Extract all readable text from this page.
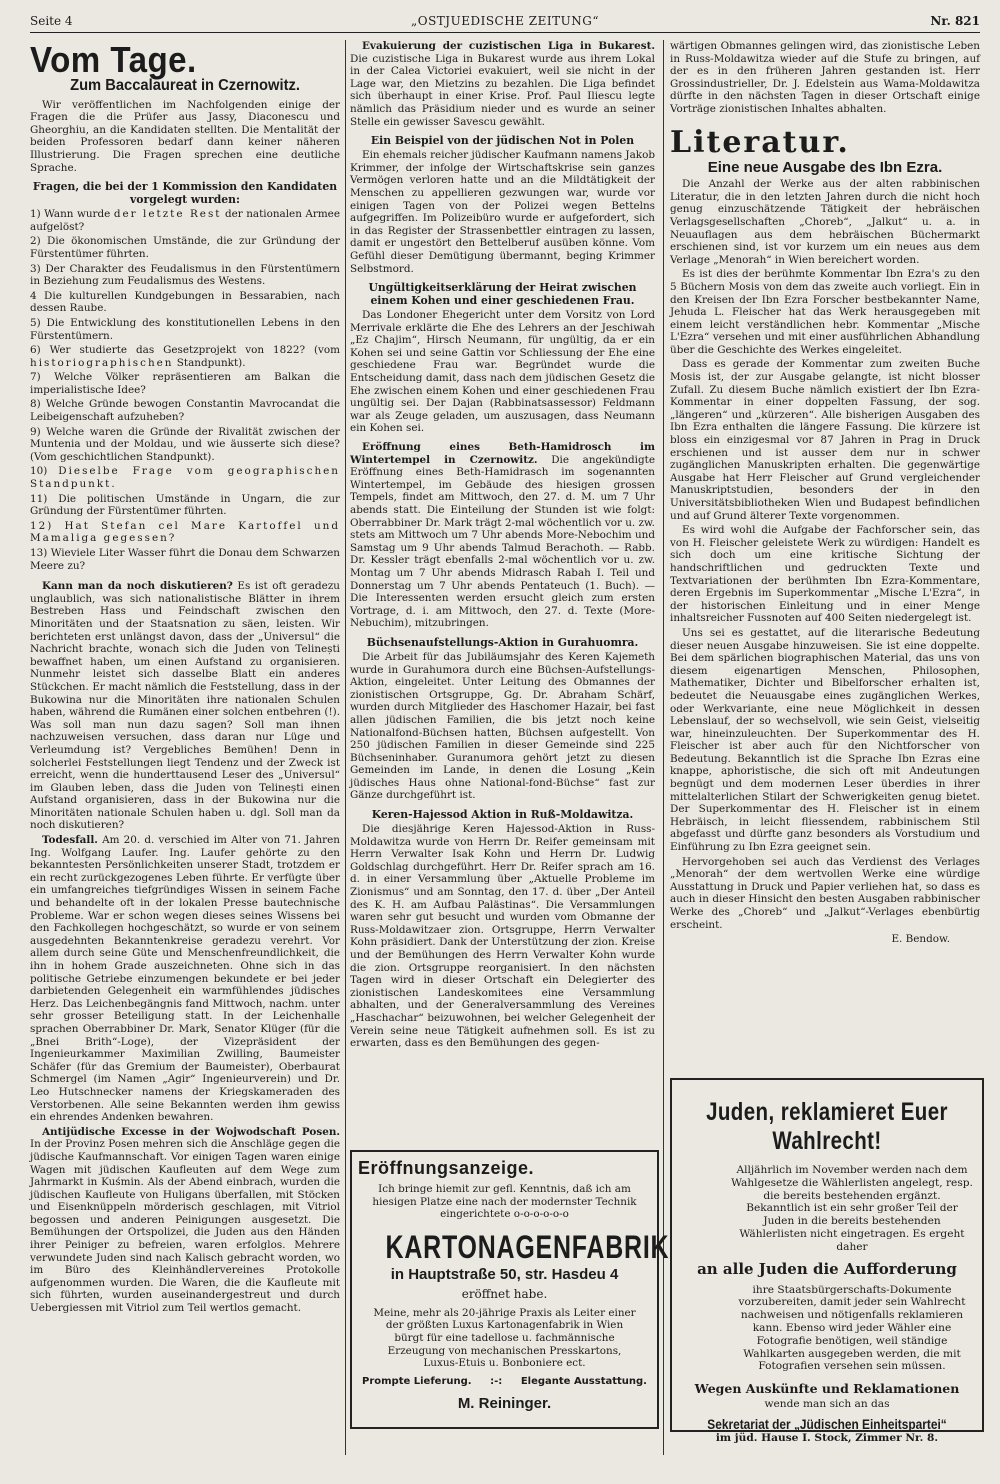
Seite 4	„OSTJUEDISCHE ZEITUNG“	Nr. 821
Vom Tage.
Zum Baccalaureat in Czernowitz.

Wir veröffentlichen im Nachfolgenden einige der Fragen die die Prüfer aus Jassy, Diaconescu und Gheorghiu, an die Kandidaten stellten. Die Mentalität der beiden Professoren bedarf dann keiner näheren Illustrierung. Die Fragen sprechen eine deutliche Sprache.

Fragen, die bei der 1 Kommission den Kandidaten vorgelegt wurden:

1) Wann wurde der letzte Rest der nationalen Armee aufgelöst?

2) Die ökonomischen Umstände, die zur Gründung der Fürstentümer führten.

3) Der Charakter des Feudalismus in den Fürstentümern in Beziehung zum Feudalismus des Westens.

4 Die kulturellen Kundgebungen in Bessarabien, nach dessen Raube.

5) Die Entwicklung des konstitutionellen Lebens in den Fürstentümern.

6) Wer studierte das Gesetzprojekt von 1822? (vom historiographischen Standpunkt).

7) Welche Völker repräsentieren am Balkan die imperialistische Idee?

8) Welche Gründe bewogen Constantin Mavrocandat die Leibeigenschaft aufzuheben?

9) Welche waren die Gründe der Rivalität zwischen der Muntenia und der Moldau, und wie äusserte sich diese? (Vom geschichtlichen Standpunkt).

10) Dieselbe Frage vom geographischen Standpunkt.

11) Die politischen Umstände in Ungarn, die zur Gründung der Fürstentümer führten.

12) Hat Stefan cel Mare Kartoffel und Mamaliga gegessen?

13) Wieviele Liter Wasser führt die Donau dem Schwarzen Meere zu?

Kann man da noch diskutieren? Es ist oft geradezu unglaublich, was sich nationalistische Blätter in ihrem Bestreben Hass und Feindschaft zwischen den Minoritäten und der Staatsnation zu säen, leisten. Wir berichteten erst unlängst davon, dass der „Universul“ die Nachricht brachte, wonach sich die Juden von Telinești bewaffnet haben, um einen Aufstand zu organisieren. Nunmehr leistet sich dasselbe Blatt ein anderes Stückchen. Er macht nämlich die Feststellung, dass in der Bukowina nur die Minoritäten ihre nationalen Schulen haben, während die Rumänen einer solchen entbehren (!). Was soll man nun dazu sagen? Soll man ihnen nachzuweisen versuchen, dass daran nur Lüge und Verleumdung ist? Vergebliches Bemühen! Denn in solcherlei Feststellungen liegt Tendenz und der Zweck ist erreicht, wenn die hunderttausend Leser des „Universul“ im Glauben leben, dass die Juden von Telinești einen Aufstand organisieren, dass in der Bukowina nur die Minoritäten nationale Schulen haben u. dgl. Soll man da noch diskutieren?

Todesfall. Am 20. d. verschied im Alter von 71. Jahren Ing. Wolfgang Laufer. Ing. Laufer gehörte zu den bekanntesten Persönlichkeiten unserer Stadt, trotzdem er ein recht zurückgezogenes Leben führte. Er verfügte über ein umfangreiches tiefgründiges Wissen in seinem Fache und behandelte oft in der lokalen Presse bautechnische Probleme. War er schon wegen dieses seines Wissens bei den Fachkollegen hochgeschätzt, so wurde er von seinem ausgedehnten Bekanntenkreise geradezu verehrt. Vor allem durch seine Güte und Menschenfreundlichkeit, die ihn in hohem Grade auszeichneten. Ohne sich in das politische Getriebe einzumengen bekundete er bei jeder darbietenden Gelegenheit ein warmfühlendes jüdisches Herz. Das Leichenbegängnis fand Mittwoch, nachm. unter sehr grosser Beteiligung statt. In der Leichenhalle sprachen Oberrabbiner Dr. Mark, Senator Klüger (für die „Bnei Brith“-Loge), der Vizepräsident der Ingenieurkammer Maximilian Zwilling, Baumeister Schäfer (für das Gremium der Baumeister), Oberbaurat Schmergel (im Namen „Agir“ Ingenieurverein) und Dr. Leo Hutschnecker namens der Kriegskameraden des Verstorbenen. Alle seine Bekannten werden ihm gewiss ein ehrendes Andenken bewahren.

Antijüdische Excesse in der Wojwodschaft Posen. In der Provinz Posen mehren sich die Anschläge gegen die jüdische Kaufmannschaft. Vor einigen Tagen waren einige Wagen mit jüdischen Kaufleuten auf dem Wege zum Jahrmarkt in Kuśmin. Als der Abend einbrach, wurden die jüdischen Kaufleute von Huligans überfallen, mit Stöcken und Eisenknüppeln mörderisch geschlagen, mit Vitriol begossen und anderen Peinigungen ausgesetzt. Die Bemühungen der Ortspolizei, die Juden aus den Händen ihrer Peiniger zu befreien, waren erfolglos. Mehrere verwundete Juden sind nach Kalisch gebracht worden, wo im Büro des Kleinhändlervereines Protokolle aufgenommen wurden. Die Waren, die die Kaufleute mit sich führten, wurden auseinandergestreut und durch Uebergiessen mit Vitriol zum Teil wertlos gemacht.

Evakuierung der cuzistischen Liga in Bukarest. Die cuzistische Liga in Bukarest wurde aus ihrem Lokal in der Calea Victoriei evakuiert, weil sie nicht in der Lage war, den Mietzins zu bezahlen. Die Liga befindet sich überhaupt in einer Krise. Prof. Paul Iliescu legte nämlich das Präsidium nieder und es wurde an seiner Stelle ein gewisser Savescu gewählt.

Ein Beispiel von der jüdischen Not in Polen

Ein ehemals reicher jüdischer Kaufmann namens Jakob Krimmer, der infolge der Wirtschaftskrise sein ganzes Vermögen verloren hatte und an die Mildtätigkeit der Menschen zu appellieren gezwungen war, wurde vor einigen Tagen von der Polizei wegen Bettelns aufgegriffen. Im Polizeibüro wurde er aufgefordert, sich in das Register der Strassenbettler eintragen zu lassen, damit er ungestört den Bettelberuf ausüben könne. Vom Gefühl dieser Demütigung übermannt, beging Krimmer Selbstmord.

Ungültigkeitserklärung der Heirat zwischen einem Kohen und einer geschiedenen Frau.

Das Londoner Ehegericht unter dem Vorsitz von Lord Merrivale erklärte die Ehe des Lehrers an der Jeschiwah „Ez Chajim“, Hirsch Neumann, für ungültig, da er ein Kohen sei und seine Gattin vor Schliessung der Ehe eine geschiedene Frau war. Begründet wurde die Entscheidung damit, dass nach dem jüdischen Gesetz die Ehe zwischen einem Kohen und einer geschiedenen Frau ungültig sei. Der Dajan (Rabbinatsassessor) Feldmann war als Zeuge geladen, um auszusagen, dass Neumann ein Kohen sei.

Eröffnung eines Beth-Hamidrosch im Wintertempel in Czernowitz. Die angekündigte Eröffnung eines Beth-Hamidrasch im sogenannten Wintertempel, im Gebäude des hiesigen grossen Tempels, findet am Mittwoch, den 27. d. M. um 7 Uhr abends statt. Die Einteilung der Stunden ist wie folgt: Oberrabbiner Dr. Mark trägt 2-mal wöchentlich vor u. zw. stets am Mittwoch um 7 Uhr abends More-Nebochim und Samstag um 9 Uhr abends Talmud Berachoth. — Rabb. Dr. Kessler trägt ebenfalls 2-mal wöchentlich vor u. zw. Montag um 7 Uhr abends Midrasch Rabah I. Teil und Donnerstag um 7 Uhr abends Pentateuch (1. Buch). — Die Interessenten werden ersucht gleich zum ersten Vortrage, d. i. am Mittwoch, den 27. d. Texte (More-Nebuchim), mitzubringen.

Büchsenaufstellungs-Aktion in Gurahuomra.

Die Arbeit für das Jubiläumsjahr des Keren Kajemeth wurde in Gurahumora durch eine Büchsen-Aufstellungs-Aktion, eingeleitet. Unter Leitung des Obmannes der zionistischen Ortsgruppe, Gg. Dr. Abraham Schärf, wurden durch Mitglieder des Haschomer Hazair, bei fast allen jüdischen Familien, die bis jetzt noch keine Nationalfond-Büchsen hatten, Büchsen aufgestellt. Von 250 jüdischen Familien in dieser Gemeinde sind 225 Büchseninhaber. Guranumora gehört jetzt zu diesen Gemeinden im Lande, in denen die Losung „Kein jüdisches Haus ohne National-fond-Büchse“ fast zur Gänze durchgeführt ist.

Keren-Hajessod Aktion in Ruß-Moldawitza.

Die diesjährige Keren Hajessod-Aktion in Russ-Moldawitza wurde von Herrn Dr. Reifer gemeinsam mit Herrn Verwalter Isak Kohn und Herrn Dr. Ludwig Goldschlag durchgeführt. Herr Dr. Reifer sprach am 16. d. in einer Versammlung über „Aktuelle Probleme im Zionismus“ und am Sonntag, den 17. d. über „Der Anteil des K. H. am Aufbau Palästinas“. Die Versammlungen waren sehr gut besucht und wurden vom Obmanne der Russ-Moldawitzaer zion. Ortsgruppe, Herrn Verwalter Kohn präsidiert. Dank der Unterstützung der zion. Kreise und der Bemühungen des Herrn Verwalter Kohn wurde die zion. Ortsgruppe reorganisiert. In den nächsten Tagen wird in dieser Ortschaft ein Delegierter des zionistischen Landeskomitees eine Versammlung abhalten, und der Generalversammlung des Vereines „Haschachar“ beizuwohnen, bei welcher Gelegenheit der Verein seine neue Tätigkeit aufnehmen soll. Es ist zu erwarten, dass es den Bemühungen des gegen-

wärtigen Obmannes gelingen wird, das zionistische Leben in Russ-Moldawitza wieder auf die Stufe zu bringen, auf der es in den früheren Jahren gestanden ist. Herr Grossindustrieller, Dr. J. Edelstein aus Wama-Moldawitza dürfte in den nächsten Tagen in dieser Ortschaft einige Vorträge zionistischen Inhaltes abhalten.

Literatur.
Eine neue Ausgabe des Ibn Ezra.

Die Anzahl der Werke aus der alten rabbinischen Literatur, die in den letzten Jahren durch die nicht hoch genug einzuschätzende Tätigkeit der hebräischen Verlagsgesellschaften „Choreb“, „Jalkut“ u. a. in Neuauflagen aus dem hebräischen Büchermarkt erschienen sind, ist vor kurzem um ein neues aus dem Verlage „Menorah“ in Wien bereichert worden.

Es ist dies der berühmte Kommentar Ibn Ezra's zu den 5 Büchern Mosis von dem das zweite auch vorliegt. Ein in den Kreisen der Ibn Ezra Forscher bestbekannter Name, Jehuda L. Fleischer hat das Werk herausgegeben mit einem leicht verständlichen hebr. Kommentar „Mische L'Ezra“ versehen und mit einer ausführlichen Abhandlung über die Geschichte des Werkes eingeleitet.

Dass es gerade der Kommentar zum zweiten Buche Mosis ist, der zur Ausgabe gelangte, ist nicht blosser Zufall. Zu diesem Buche nämlich existiert der Ibn Ezra-Kommentar in einer doppelten Fassung, der sog. „längeren“ und „kürzeren“. Alle bisherigen Ausgaben des Ibn Ezra enthalten die längere Fassung. Die kürzere ist bloss ein einzigesmal vor 87 Jahren in Prag in Druck erschienen und ist ausser dem nur in schwer zugänglichen Manuskripten erhalten. Die gegenwärtige Ausgabe hat Herr Fleischer auf Grund vergleichender Manuskriptstudien, besonders der in den Universitätsbibliotheken Wien und Budapest befindlichen und auf Grund älterer Texte vorgenommen.

Es wird wohl die Aufgabe der Fachforscher sein, das von H. Fleischer geleistete Werk zu würdigen: Handelt es sich doch um eine kritische Sichtung der handschriftlichen und gedruckten Texte und Textvariationen der berühmten Ibn Ezra-Kommentare, deren Ergebnis im Superkommentar „Mische L'Ezra“, in der historischen Einleitung und in einer Menge inhaltsreicher Fussnoten auf 400 Seiten niedergelegt ist.

Uns sei es gestattet, auf die literarische Bedeutung dieser neuen Ausgabe hinzuweisen. Sie ist eine doppelte. Bei dem spärlichen biographischen Material, das uns von diesem eigenartigen Menschen, Philosophen, Mathematiker, Dichter und Bibelforscher erhalten ist, bedeutet die Neuausgabe eines zugänglichen Werkes, oder Werkvariante, eine neue Möglichkeit in dessen Lebenslauf, der so wechselvoll, wie sein Geist, vielseitig war, hineinzuleuchten. Der Superkommentar des H. Fleischer ist aber auch für den Nichtforscher von Bedeutung. Bekanntlich ist die Sprache Ibn Ezras eine knappe, aphoristische, die sich oft mit Andeutungen begnügt und dem modernen Leser überdies in ihrer mittelalterlichen Stilart der Schwerigkeiten genug bietet. Der Superkommentar des H. Fleischer ist in einem Hebräisch, in leicht fliessendem, rabbinischem Stil abgefasst und dürfte ganz besonders als Vorstudium und Einführung zu Ibn Ezra geeignet sein.

Hervorgehoben sei auch das Verdienst des Verlages „Menorah“ der dem wertvollen Werke eine würdige Ausstattung in Druck und Papier verliehen hat, so dass es auch in dieser Hinsicht den besten Ausgaben rabbinischer Werke des „Choreb“ und „Jalkut“-Verlages ebenbürtig erscheint.

E. Bendow.

Eröffnungsanzeige.
Ich bringe hiemit zur gefl. Kenntnis, daß ich am hiesigen Platze eine nach der modernster Technik eingerichtete o-o-o-o-o-o
KARTONAGENFABRIK
in Hauptstraße 50, str. Hasdeu 4
eröffnet habe.
Meine, mehr als 20-jährige Praxis als Leiter einer der größten Luxus Kartonagenfabrik in Wien bürgt für eine tadellose u. fachmännische Erzeugung von mechanischen Presskartons, Luxus-Etuis u. Bonboniere ect.
Prompte Lieferung. :-: Elegante Ausstattung.
M. Reininger.
Juden, reklamieret Euer Wahlrecht!
Alljährlich im November werden nach dem Wahlgesetze die Wählerlisten angelegt, resp. die bereits bestehenden ergänzt. Bekanntlich ist ein sehr großer Teil der Juden in die bereits bestehenden Wählerlisten nicht eingetragen. Es ergeht daher
an alle Juden die Aufforderung
ihre Staatsbürgerschafts-Dokumente vorzubereiten, damit jeder sein Wahlrecht nachweisen und nötigenfalls reklamieren kann. Ebenso wird jeder Wähler eine Fotografie benötigen, weil ständige Wahlkarten ausgegeben werden, die mit Fotografien versehen sein müssen.
Wegen Auskünfte und Reklamationen
wende man sich an das
Sekretariat der „Jüdischen Einheitspartei“
im jüd. Hause I. Stock, Zimmer Nr. 8.
